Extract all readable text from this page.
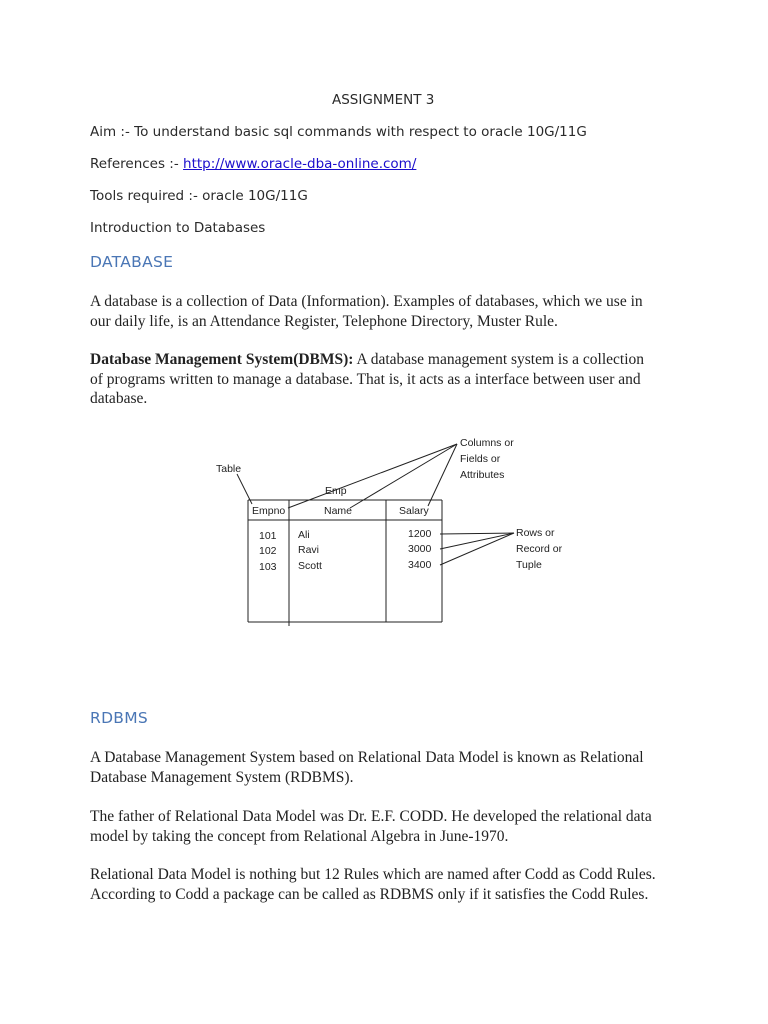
ASSIGNMENT 3
Aim :- To understand basic sql commands with respect to oracle 10G/11G
References :- http://www.oracle-dba-online.com/
Tools required :- oracle 10G/11G
Introduction to Databases
DATABASE
A database is a collection of Data (Information). Examples of databases, which we use in our daily life, is an Attendance Register, Telephone Directory, Muster Rule.
Database Management System(DBMS): A database management system is a collection of programs written to manage a database. That is, it acts as a interface between user and database.
Table
Emp
Columns or
Fields or
Attributes
Rows or
Record or
Tuple
Empno	Name	Salary
101 Ali	1200
102 Ravi	3000
103 Scott	3400
RDBMS
A Database Management System based on Relational Data Model is known as Relational Database Management System (RDBMS).
The father of Relational Data Model was Dr. E.F. CODD. He developed the relational data model by taking the concept from Relational Algebra in June-1970.
Relational Data Model is nothing but 12 Rules which are named after Codd as Codd Rules. According to Codd a package can be called as RDBMS only if it satisfies the Codd Rules.
